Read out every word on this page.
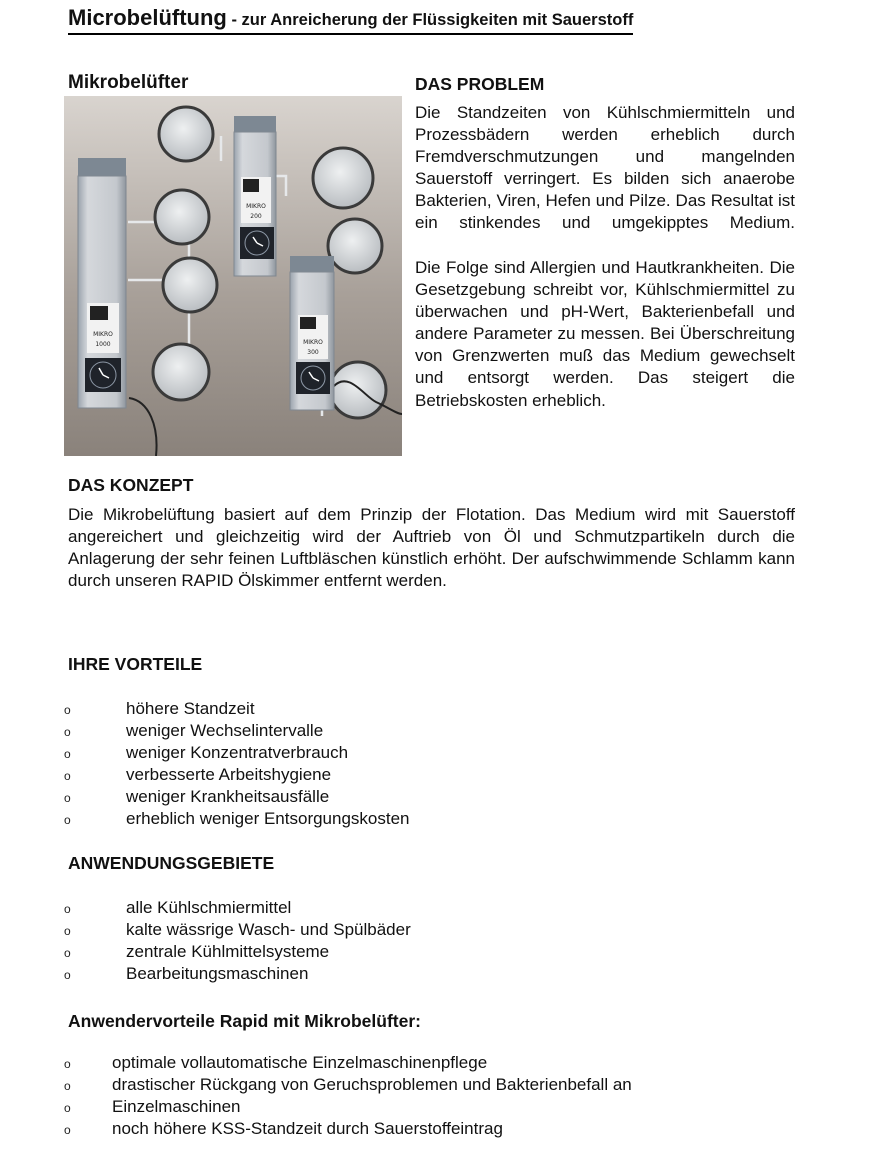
Microbelüftung - zur Anreicherung der Flüssigkeiten mit Sauerstoff
Mikrobelüfter
MIKRO
1000
MIKRO
200
MIKRO
300
DAS PROBLEM
Die Standzeiten von Kühlschmiermitteln und Prozessbädern werden erheblich durch Fremdverschmutzungen und mangelnden Sauerstoff verringert. Es bilden sich anaerobe Bakterien, Viren, Hefen und Pilze. Das Resultat ist ein stinkendes und umgekipptes Medium.
Die Folge sind Allergien und Hautkrankheiten. Die Gesetzgebung schreibt vor, Kühlschmiermittel zu überwachen und pH-Wert, Bakterienbefall und andere Parameter zu messen. Bei Überschreitung von Grenzwerten muß das Medium gewechselt und entsorgt werden. Das steigert die Betriebskosten erheblich.
DAS KONZEPT
Die Mikrobelüftung basiert auf dem Prinzip der Flotation. Das Medium wird mit Sauerstoff angereichert und gleichzeitig wird der Auftrieb von Öl und Schmutzpartikeln durch die Anlagerung der sehr feinen Luftbläschen künstlich erhöht. Der aufschwimmende Schlamm kann durch unseren RAPID Ölskimmer entfernt werden.
IHRE VORTEILE
o	höhere Standzeit
o	weniger Wechselintervalle
o	weniger Konzentratverbrauch
o	verbesserte Arbeitshygiene
o	weniger Krankheitsausfälle
o	erheblich weniger Entsorgungskosten
ANWENDUNGSGEBIETE
o	alle Kühlschmiermittel
o	kalte wässrige Wasch- und Spülbäder
o	zentrale Kühlmittelsysteme
o	Bearbeitungsmaschinen
Anwendervorteile Rapid mit Mikrobelüfter:
o optimale vollautomatische Einzelmaschinenpflege
o drastischer Rückgang von Geruchsproblemen und Bakterienbefall an
o Einzelmaschinen
o noch höhere KSS-Standzeit durch Sauerstoffeintrag
